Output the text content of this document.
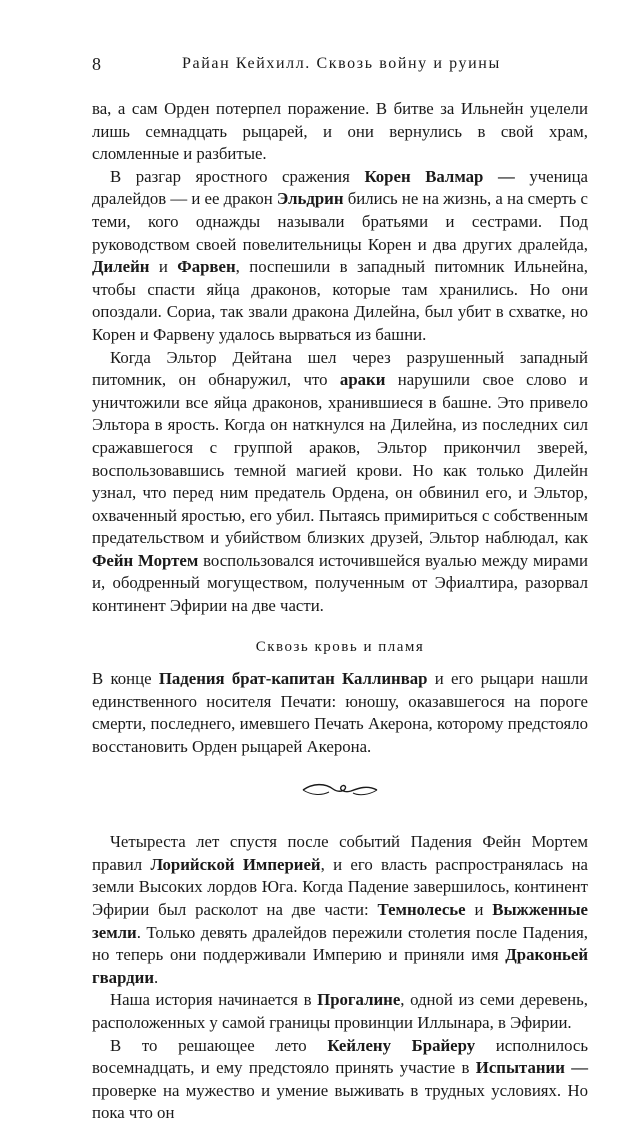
8	Райан Кейхилл. Сквозь войну и руины

ва, а сам Орден потерпел поражение. В битве за Ильнейн уцелели лишь семнадцать рыцарей, и они вернулись в свой храм, сломленные и разбитые.

В разгар яростного сражения Корен Валмар — ученица дралейдов — и ее дракон Эльдрин бились не на жизнь, а на смерть с теми, кого однажды называли братьями и сестрами. Под руководством своей повелительницы Корен и два других дралейда, Дилейн и Фарвен, поспешили в западный питомник Ильнейна, чтобы спасти яйца драконов, которые там хранились. Но они опоздали. Сориа, так звали дракона Дилейна, был убит в схватке, но Корен и Фарвену удалось вырваться из башни.

Когда Эльтор Дейтана шел через разрушенный западный питомник, он обнаружил, что араки нарушили свое слово и уничтожили все яйца драконов, хранившиеся в башне. Это привело Эльтора в ярость. Когда он наткнулся на Дилейна, из последних сил сражавшегося с группой араков, Эльтор прикончил зверей, воспользовавшись темной магией крови. Но как только Дилейн узнал, что перед ним предатель Ордена, он обвинил его, и Эльтор, охваченный яростью, его убил. Пытаясь примириться с собственным предательством и убийством близких друзей, Эльтор наблюдал, как Фейн Мортем воспользовался источившейся вуалью между мирами и, ободренный могуществом, полученным от Эфиалтира, разорвал континент Эфирии на две части.

Сквозь кровь и пламя

В конце Падения брат-капитан Каллинвар и его рыцари нашли единственного носителя Печати: юношу, оказавшегося на пороге смерти, последнего, имевшего Печать Акерона, которому предстояло восстановить Орден рыцарей Акерона.

Четыреста лет спустя после событий Падения Фейн Мортем правил Лорийской Империей, и его власть распространялась на земли Высоких лордов Юга. Когда Падение завершилось, континент Эфирии был расколот на две части: Темнолесье и Выжженные земли. Только девять дралейдов пережили столетия после Падения, но теперь они поддерживали Империю и приняли имя Драконьей гвардии.

Наша история начинается в Прогалине, одной из семи деревень, расположенных у самой границы провинции Иллынара, в Эфирии.

В то решающее лето Кейлену Брайеру исполнилось восемнадцать, и ему предстояло принять участие в Испытании — проверке на мужество и умение выживать в трудных условиях. Но пока что он
